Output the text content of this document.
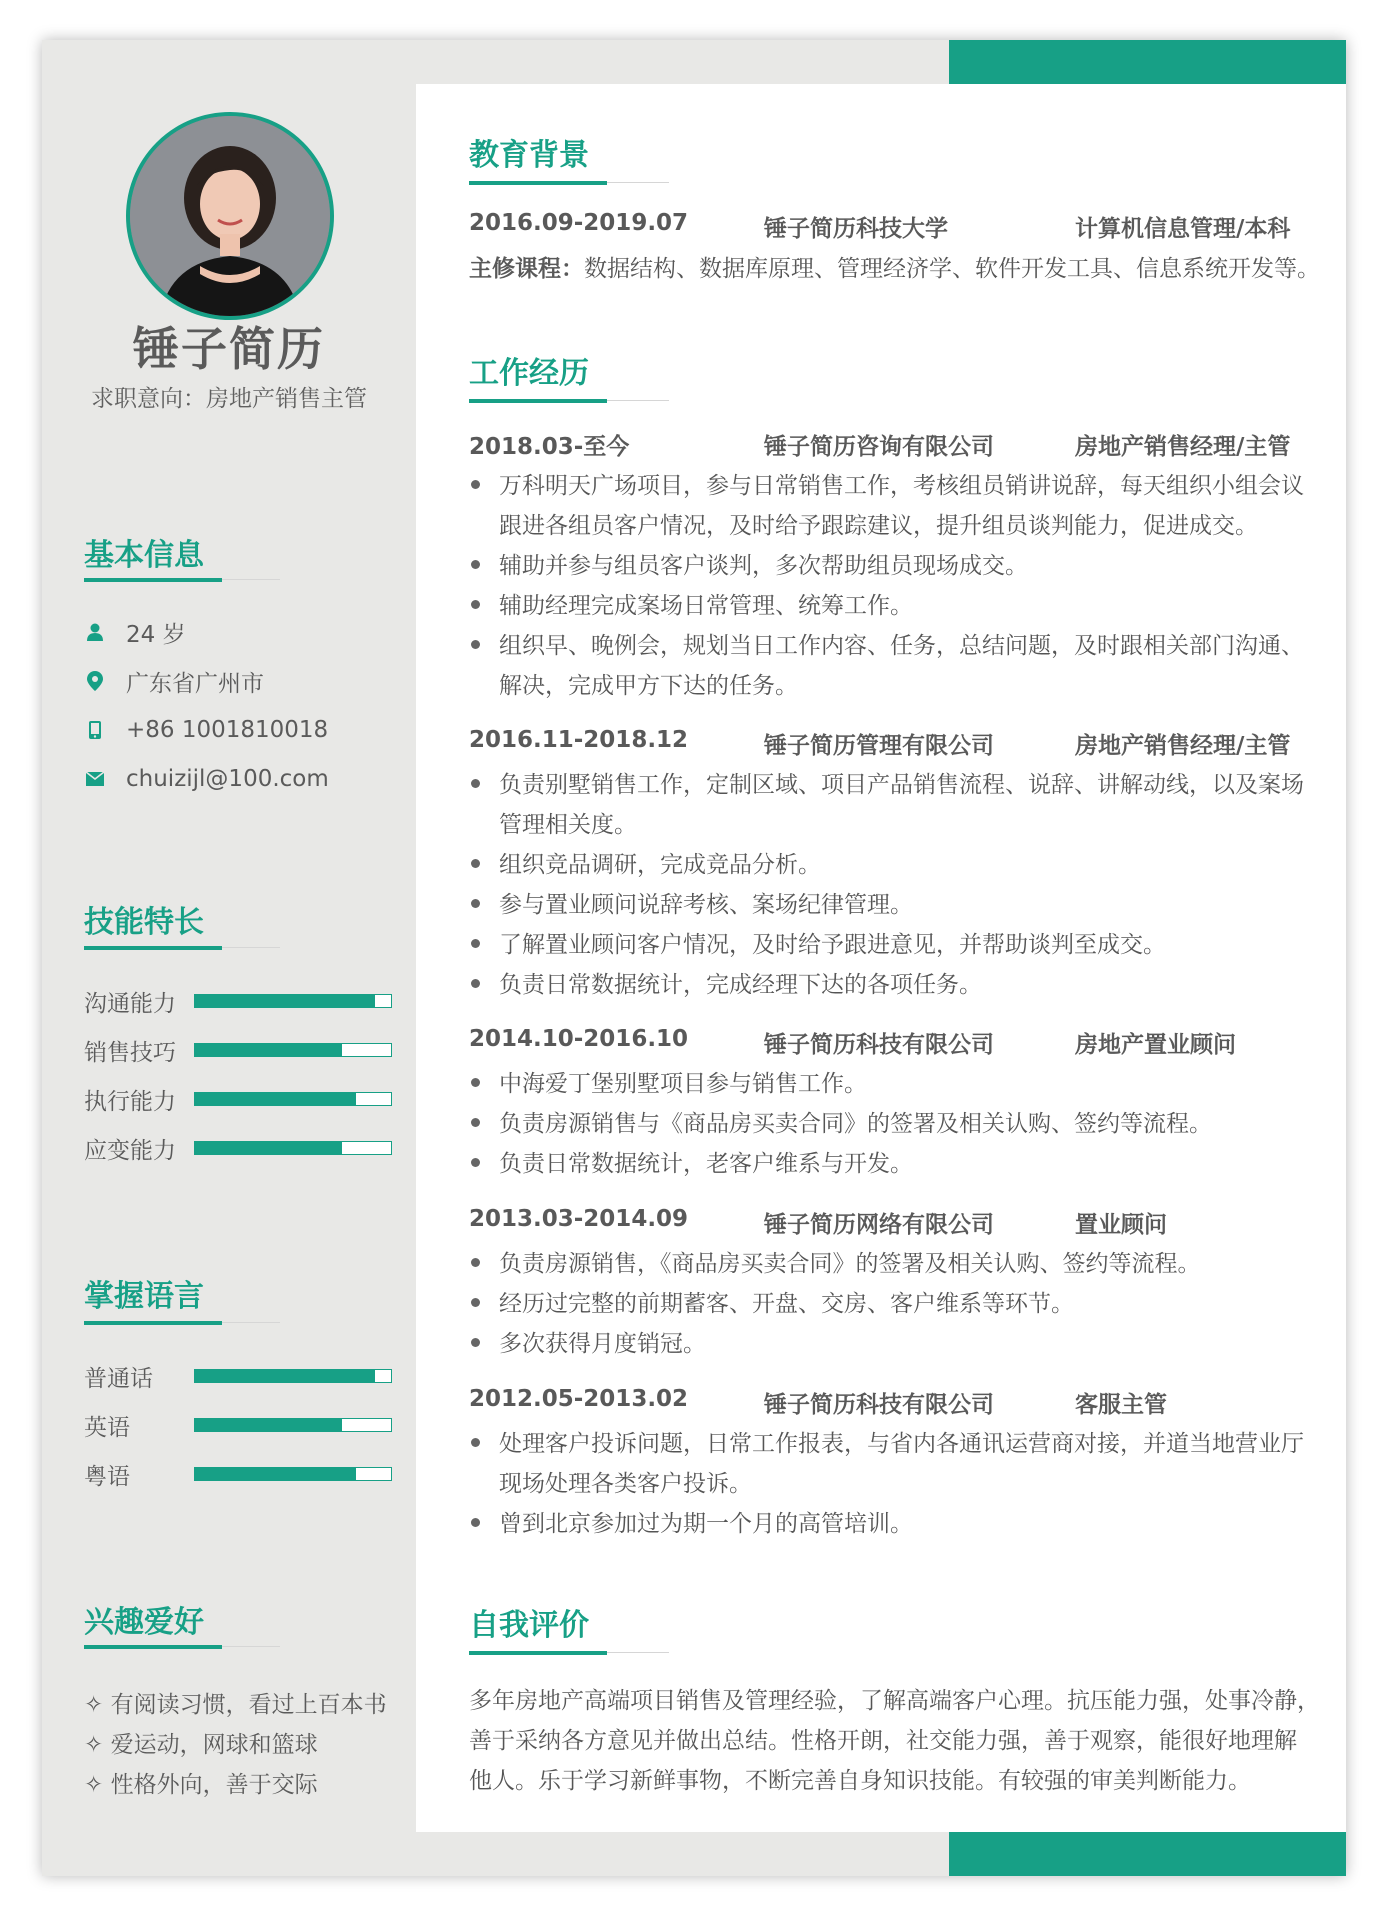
锤子简历
求职意向：房地产销售主管
基本信息
24 岁
广东省广州市
+86 1001810018
chuizijl@100.com
技能特长
沟通能力
销售技巧
执行能力
应变能力
掌握语言
普通话
英语
粤语
兴趣爱好
✧ 有阅读习惯，看过上百本书
✧ 爱运动，网球和篮球
✧ 性格外向，善于交际
教育背景
2016.09-2019.07	锤子简历科技大学	计算机信息管理/本科
主修课程：数据结构、数据库原理、管理经济学、软件开发工具、信息系统开发等。
工作经历
2018.03-至今	锤子简历咨询有限公司	房地产销售经理/主管
万科明天广场项目，参与日常销售工作，考核组员销讲说辞，每天组织小组会议
跟进各组员客户情况，及时给予跟踪建议，提升组员谈判能力，促进成交。
辅助并参与组员客户谈判，多次帮助组员现场成交。
辅助经理完成案场日常管理、统筹工作。
组织早、晚例会，规划当日工作内容、任务，总结问题，及时跟相关部门沟通、
解决，完成甲方下达的任务。
2016.11-2018.12	锤子简历管理有限公司	房地产销售经理/主管
负责别墅销售工作，定制区域、项目产品销售流程、说辞、讲解动线，以及案场
管理相关度。
组织竞品调研，完成竞品分析。
参与置业顾问说辞考核、案场纪律管理。
了解置业顾问客户情况，及时给予跟进意见，并帮助谈判至成交。
负责日常数据统计，完成经理下达的各项任务。
2014.10-2016.10	锤子简历科技有限公司	房地产置业顾问
中海爱丁堡别墅项目参与销售工作。
负责房源销售与《商品房买卖合同》的签署及相关认购、签约等流程。
负责日常数据统计，老客户维系与开发。
2013.03-2014.09	锤子简历网络有限公司	置业顾问
负责房源销售，《商品房买卖合同》的签署及相关认购、签约等流程。
经历过完整的前期蓄客、开盘、交房、客户维系等环节。
多次获得月度销冠。
2012.05-2013.02	锤子简历科技有限公司	客服主管
处理客户投诉问题，日常工作报表，与省内各通讯运营商对接，并道当地营业厅
现场处理各类客户投诉。
曾到北京参加过为期一个月的高管培训。
自我评价
多年房地产高端项目销售及管理经验，了解高端客户心理。抗压能力强，处事冷静，
善于采纳各方意见并做出总结。性格开朗，社交能力强，善于观察，能很好地理解
他人。乐于学习新鲜事物，不断完善自身知识技能。有较强的审美判断能力。
